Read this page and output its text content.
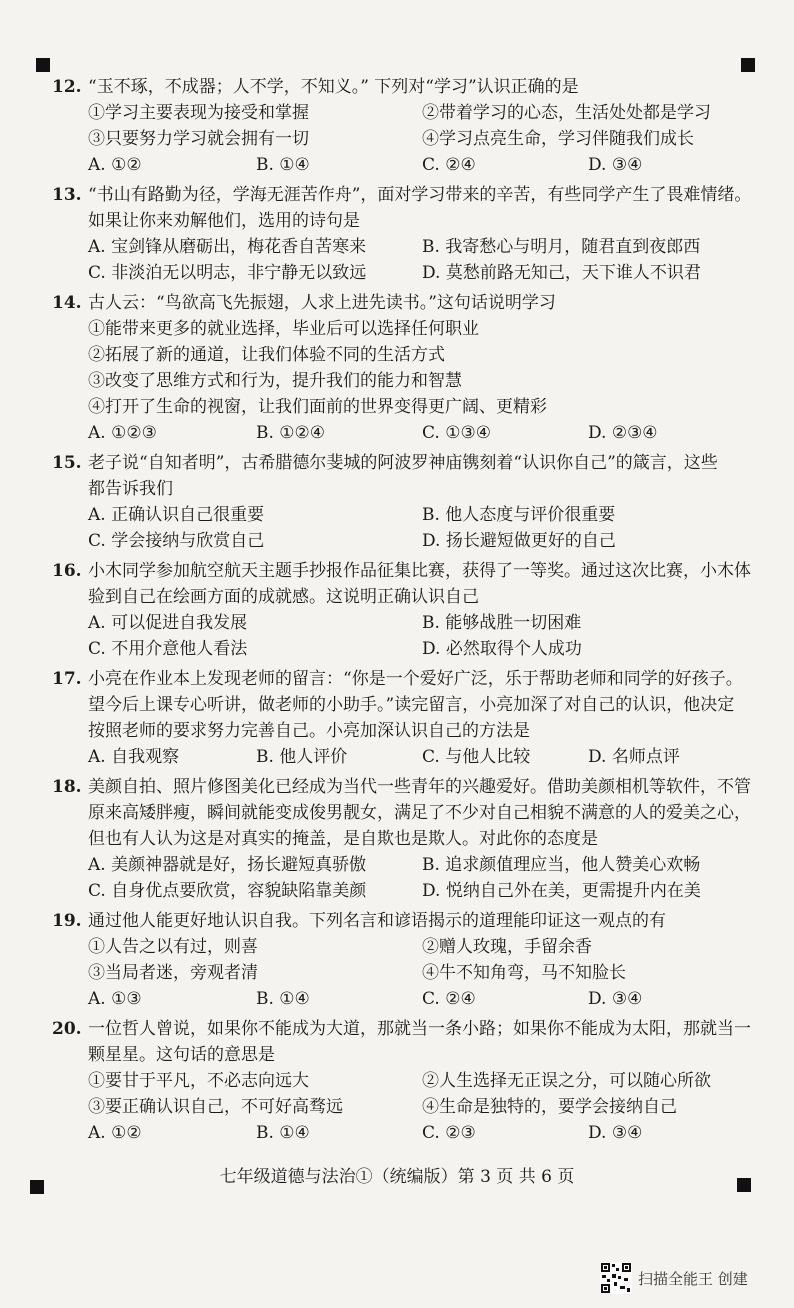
12. “玉不琢，不成器；人不学，不知义。” 下列对“学习”认识正确的是
①学习主要表现为接受和掌握	②带着学习的心态，生活处处都是学习
③只要努力学习就会拥有一切	④学习点亮生命，学习伴随我们成长
A. ①②	B. ①④	C. ②④	D. ③④
13. “书山有路勤为径，学海无涯苦作舟”，面对学习带来的辛苦，有些同学产生了畏难情绪。
如果让你来劝解他们，选用的诗句是
A. 宝剑锋从磨砺出，梅花香自苦寒来	B. 我寄愁心与明月，随君直到夜郎西
C. 非淡泊无以明志，非宁静无以致远	D. 莫愁前路无知己，天下谁人不识君
14. 古人云：“鸟欲高飞先振翅，人求上进先读书。”这句话说明学习
①能带来更多的就业选择，毕业后可以选择任何职业
②拓展了新的通道，让我们体验不同的生活方式
③改变了思维方式和行为，提升我们的能力和智慧
④打开了生命的视窗，让我们面前的世界变得更广阔、更精彩
A. ①②③	B. ①②④	C. ①③④	D. ②③④
15. 老子说“自知者明”，古希腊德尔斐城的阿波罗神庙镌刻着“认识你自己”的箴言，这些
都告诉我们
A. 正确认识自己很重要	B. 他人态度与评价很重要
C. 学会接纳与欣赏自己	D. 扬长避短做更好的自己
16. 小木同学参加航空航天主题手抄报作品征集比赛，获得了一等奖。通过这次比赛，小木体
验到自己在绘画方面的成就感。这说明正确认识自己
A. 可以促进自我发展	B. 能够战胜一切困难
C. 不用介意他人看法	D. 必然取得个人成功
17. 小亮在作业本上发现老师的留言：“你是一个爱好广泛，乐于帮助老师和同学的好孩子。
望今后上课专心听讲，做老师的小助手。”读完留言，小亮加深了对自己的认识，他决定
按照老师的要求努力完善自己。小亮加深认识自己的方法是
A. 自我观察	B. 他人评价	C. 与他人比较	D. 名师点评
18. 美颜自拍、照片修图美化已经成为当代一些青年的兴趣爱好。借助美颜相机等软件，不管
原来高矮胖瘦，瞬间就能变成俊男靓女，满足了不少对自己相貌不满意的人的爱美之心，
但也有人认为这是对真实的掩盖，是自欺也是欺人。对此你的态度是
A. 美颜神器就是好，扬长避短真骄傲	B. 追求颜值理应当，他人赞美心欢畅
C. 自身优点要欣赏，容貌缺陷靠美颜	D. 悦纳自己外在美，更需提升内在美
19. 通过他人能更好地认识自我。下列名言和谚语揭示的道理能印证这一观点的有
①人告之以有过，则喜	②赠人玫瑰，手留余香
③当局者迷，旁观者清	④牛不知角弯，马不知脸长
A. ①③	B. ①④	C. ②④	D. ③④
20. 一位哲人曾说，如果你不能成为大道，那就当一条小路；如果你不能成为太阳，那就当一
颗星星。这句话的意思是
①要甘于平凡，不必志向远大	②人生选择无正误之分，可以随心所欲
③要正确认识自己，不可好高骛远	④生命是独特的，要学会接纳自己
A. ①②	B. ①④	C. ②③	D. ③④
七年级道德与法治①（统编版）第 3 页 共 6 页
扫描全能王 创建
